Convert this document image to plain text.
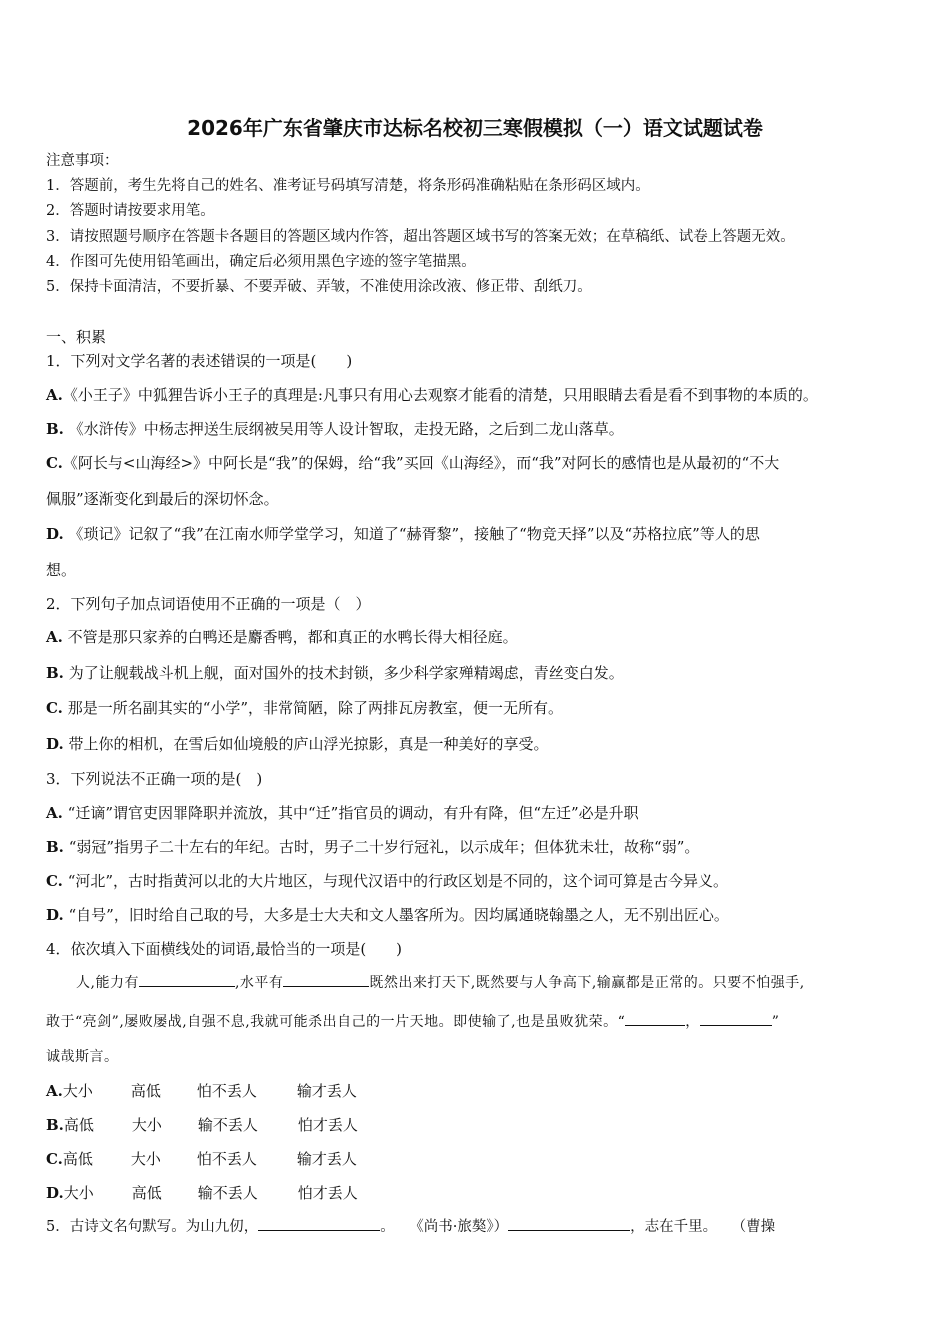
2026年广东省肇庆市达标名校初三寒假模拟（一）语文试题试卷
注意事项：
1．答题前，考生先将自己的姓名、准考证号码填写清楚，将条形码准确粘贴在条形码区域内。
2．答题时请按要求用笔。
3．请按照题号顺序在答题卡各题目的答题区域内作答，超出答题区域书写的答案无效；在草稿纸、试卷上答题无效。
4．作图可先使用铅笔画出，确定后必须用黑色字迹的签字笔描黑。
5．保持卡面清洁，不要折暴、不要弄破、弄皱，不准使用涂改液、修正带、刮纸刀。
一、积累
1．下列对文学名著的表述错误的一项是(　　)
A.《小王子》中狐狸告诉小王子的真理是:凡事只有用心去观察才能看的清楚，只用眼睛去看是看不到事物的本质的。
B. 《水浒传》中杨志押送生辰纲被吴用等人设计智取，走投无路，之后到二龙山落草。
C.《阿长与<山海经>》中阿长是“我”的保姆，给“我”买回《山海经》，而“我”对阿长的感情也是从最初的“不大
佩服”逐渐变化到最后的深切怀念。
D. 《琐记》记叙了“我”在江南水师学堂学习，知道了“赫胥黎”，接触了“物竞天择”以及“苏格拉底”等人的思
想。
2．下列句子加点词语使用不正确的一项是（　）
A. 不管是那只家养的白鸭还是麝香鸭，都和真正的水鸭长得大相径庭。
B. 为了让舰载战斗机上舰，面对国外的技术封锁，多少科学家殚精竭虑，青丝变白发。
C. 那是一所名副其实的“小学”，非常简陋，除了两排瓦房教室，便一无所有。
D. 带上你的相机，在雪后如仙境般的庐山浮光掠影，真是一种美好的享受。
3．下列说法不正确一项的是(　)
A. “迁谪”谓官吏因罪降职并流放，其中“迁”指官员的调动，有升有降，但“左迁”必是升职
B. “弱冠”指男子二十左右的年纪。古时，男子二十岁行冠礼，以示成年；但体犹未壮，故称“弱”。
C. “河北”，古时指黄河以北的大片地区，与现代汉语中的行政区划是不同的，这个词可算是古今异义。
D. “自号”，旧时给自己取的号，大多是士大夫和文人墨客所为。因均属通晓翰墨之人，无不别出匠心。
4．依次填入下面横线处的词语,最恰当的一项是(　　)
人,能力有	,水平有	既然出来打天下,既然要与人争高下,输赢都是正常的。只要不怕强手,
敢于“亮剑”,屡败屡战,自强不息,我就可能杀出自己的一片天地。即使输了,也是虽败犹荣。“	，	”
诚哉斯言。
A.大小	高低 怕不丢人	输才丢人
B.高低	大小 输不丢人	怕才丢人
C.高低	大小 怕不丢人	输才丢人
D.大小	高低 输不丢人	怕才丢人
5．古诗文名句默写。为山九仞，	。　　《尚书·旅獒》）	，志在千里。　　（曹操
